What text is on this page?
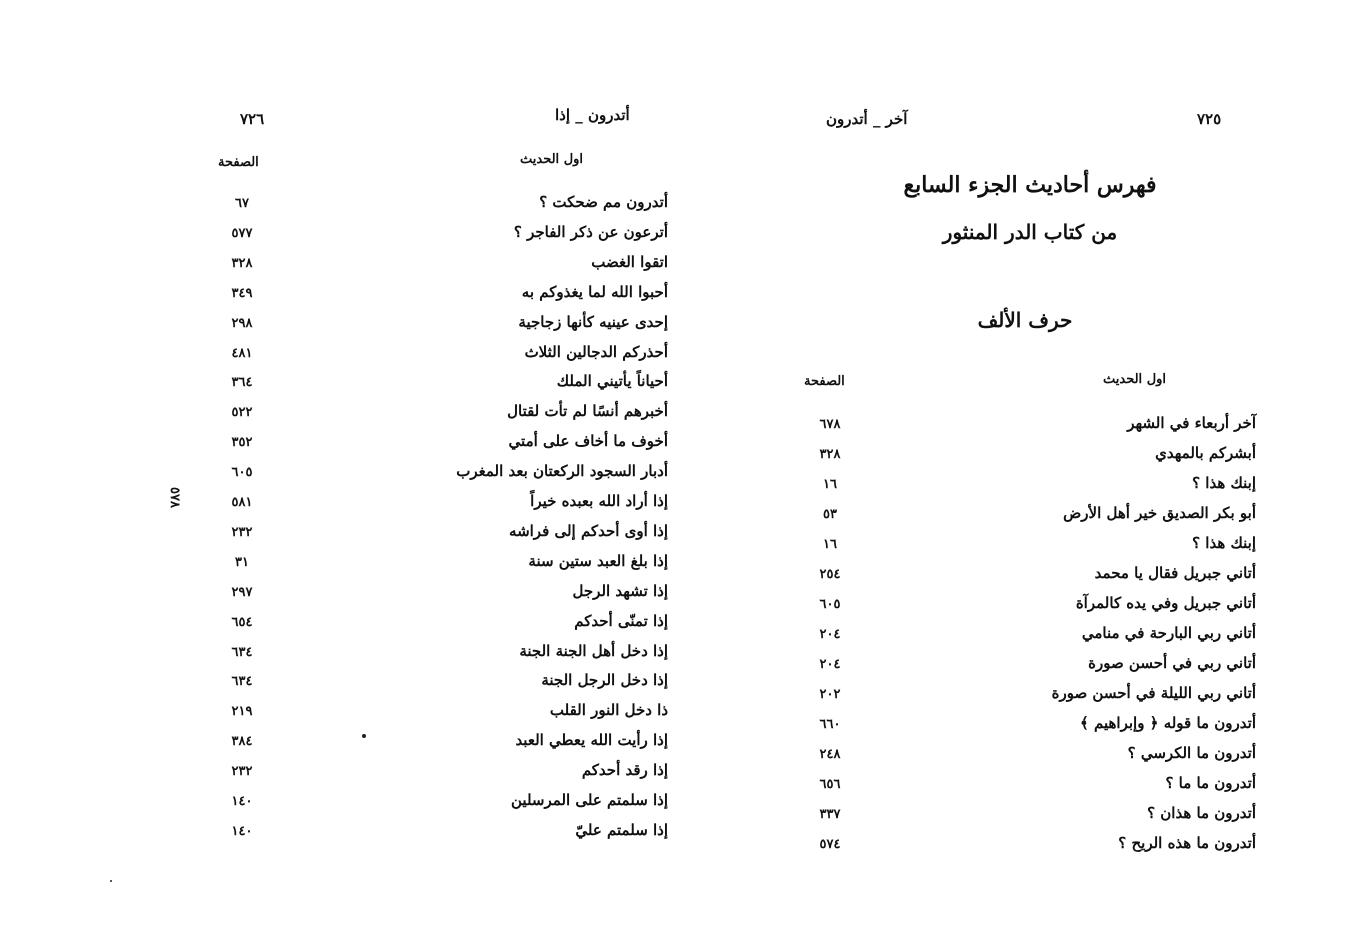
٧٢٦	أتدرون _ إذا
الصفحة	اول الحديث
٥٧٨
أتدرون مم ضحكت ؟
٦٧
أترعون عن ذكر الفاجر ؟
٥٧٧
اتقوا الغضب
٣٢٨
أحبوا الله لما يغذوكم به
٣٤٩
إحدى عينيه كأنها زجاجية
٢٩٨
أحذركم الدجالين الثلاث
٤٨١
أحياناً يأتيني الملك
٣٦٤
أخبرهم أنسًا لم تأت لقتال
٥٢٢
أخوف ما أخاف على أمتي
٣٥٢
أدبار السجود الركعتان بعد المغرب
٦٠٥
إذا أراد الله بعبده خيراً
٥٨١
إذا أوى أحدكم إلى فراشه
٢٣٢
إذا بلغ العبد ستين سنة
٣١
إذا تشهد الرجل
٢٩٧
إذا تمنّى أحدكم
٦٥٤
إذا دخل أهل الجنة الجنة
٦٣٤
إذا دخل الرجل الجنة
٦٣٤
ذا دخل النور القلب
٢١٩
إذا رأيت الله يعطي العبد
٣٨٤
إذا رقد أحدكم
٢٣٢
إذا سلمتم على المرسلين
١٤٠
إذا سلمتم عليّ
١٤٠
٧٢٥
آخر _ أتدرون
فهرس أحاديث الجزء السابع
من كتاب الدر المنثور
حرف الألف
اول الحديث
الصفحة
آخر أربعاء في الشهر
٦٧٨
أبشركم بالمهدي
٣٢٨
إبنك هذا ؟
١٦
أبو بكر الصديق خير أهل الأرض
٥٣
إبنك هذا ؟
١٦
أتاني جبريل فقال يا محمد
٢٥٤
أتاني جبريل وفي يده كالمرآة
٦٠٥
أتاني ربي البارحة في منامي
٢٠٤
أتاني ربي في أحسن صورة
٢٠٤
أتاني ربي الليلة في أحسن صورة
٢٠٢
أتدرون ما قوله ﴿ وإبراهيم ﴾
٦٦٠
أتدرون ما الكرسي ؟
٢٤٨
أتدرون ما ما ؟
٦٥٦
أتدرون ما هذان ؟
٣٣٧
أتدرون ما هذه الريح ؟
٥٧٤
